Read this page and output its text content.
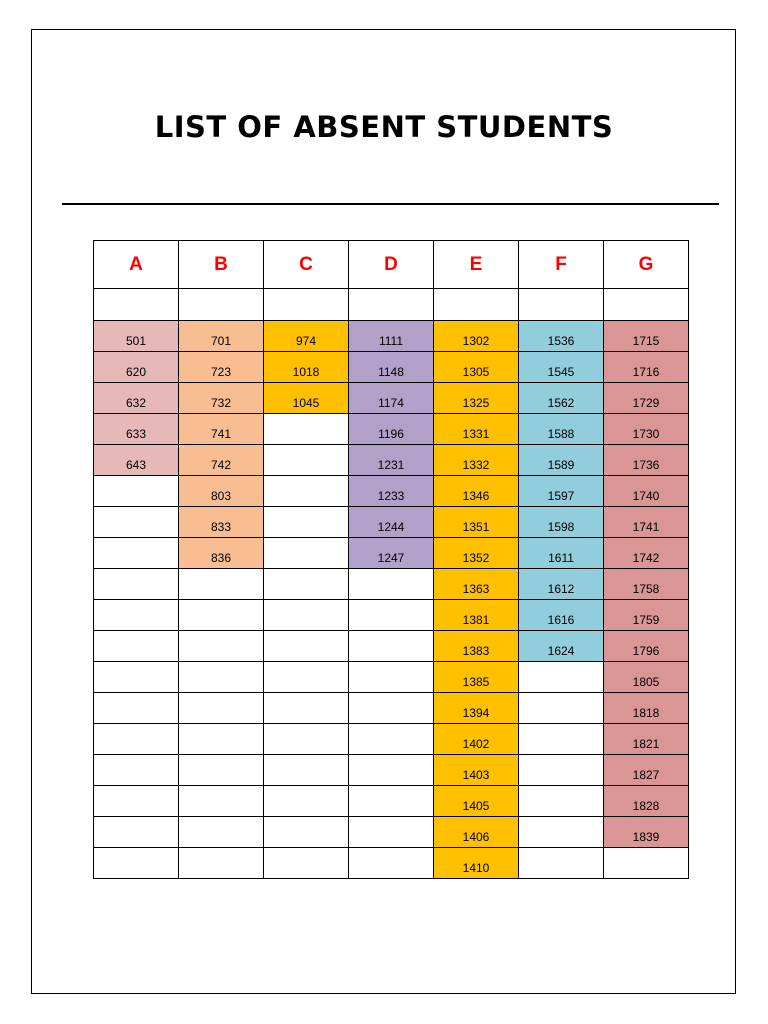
LIST OF ABSENT STUDENTS
A	B	C	D	E	F	G

501	701	974	1111	1302	1536	1715
620	723	1018	1148	1305	1545	1716
632	732	1045	1174	1325	1562	1729
633	741		1196	1331	1588	1730
643	742		1231	1332	1589	1736
	803		1233	1346	1597	1740
	833		1244	1351	1598	1741
	836		1247	1352	1611	1742
				1363	1612	1758
				1381	1616	1759
				1383	1624	1796
				1385		1805
				1394		1818
				1402		1821
				1403		1827
				1405		1828
				1406		1839
				1410		
